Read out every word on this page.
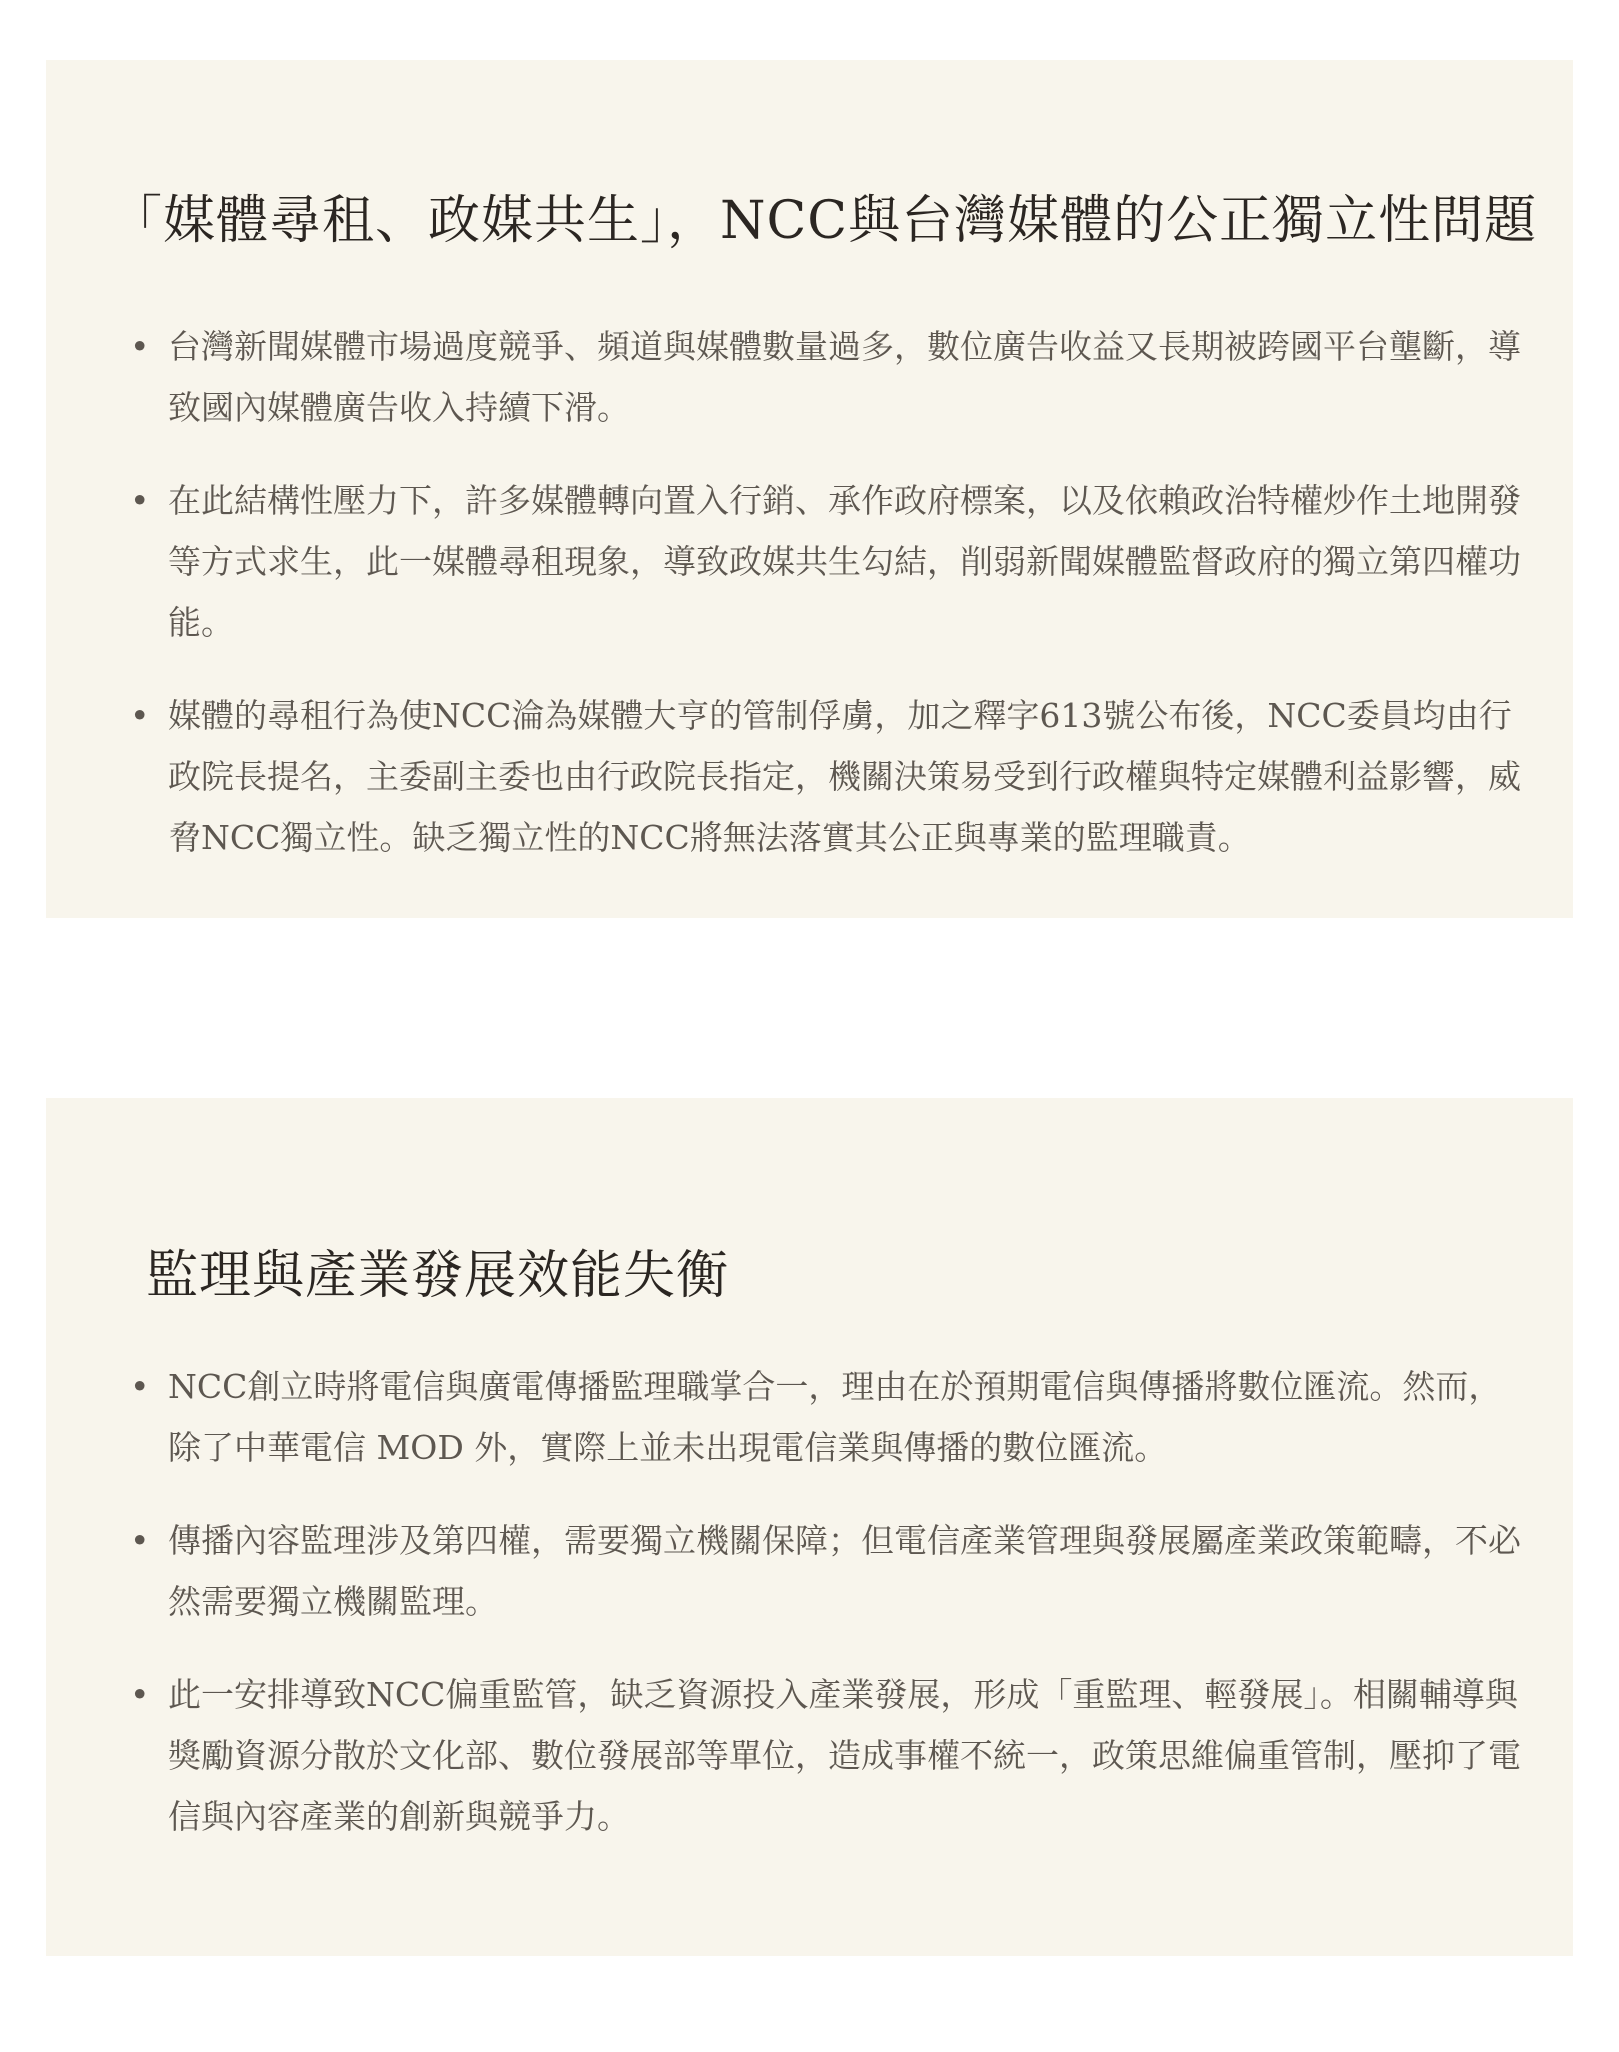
「媒體尋租、政媒共生」，NCC與台灣媒體的公正獨立性問題
• 台灣新聞媒體市場過度競爭、頻道與媒體數量過多，數位廣告收益又長期被跨國平台壟斷，導致國內媒體廣告收入持續下滑。
• 在此結構性壓力下，許多媒體轉向置入行銷、承作政府標案，以及依賴政治特權炒作土地開發等方式求生，此一媒體尋租現象，導致政媒共生勾結，削弱新聞媒體監督政府的獨立第四權功能。
• 媒體的尋租行為使NCC淪為媒體大亨的管制俘虜，加之釋字613號公布後，NCC委員均由行政院長提名，主委副主委也由行政院長指定，機關決策易受到行政權與特定媒體利益影響，威脅NCC獨立性。缺乏獨立性的NCC將無法落實其公正與專業的監理職責。
監理與產業發展效能失衡
• NCC創立時將電信與廣電傳播監理職掌合一，理由在於預期電信與傳播將數位匯流。然而，除了中華電信 MOD 外，實際上並未出現電信業與傳播的數位匯流。
• 傳播內容監理涉及第四權，需要獨立機關保障；但電信產業管理與發展屬產業政策範疇，不必然需要獨立機關監理。
• 此一安排導致NCC偏重監管，缺乏資源投入產業發展，形成「重監理、輕發展」。相關輔導與獎勵資源分散於文化部、數位發展部等單位，造成事權不統一，政策思維偏重管制，壓抑了電信與內容產業的創新與競爭力。
